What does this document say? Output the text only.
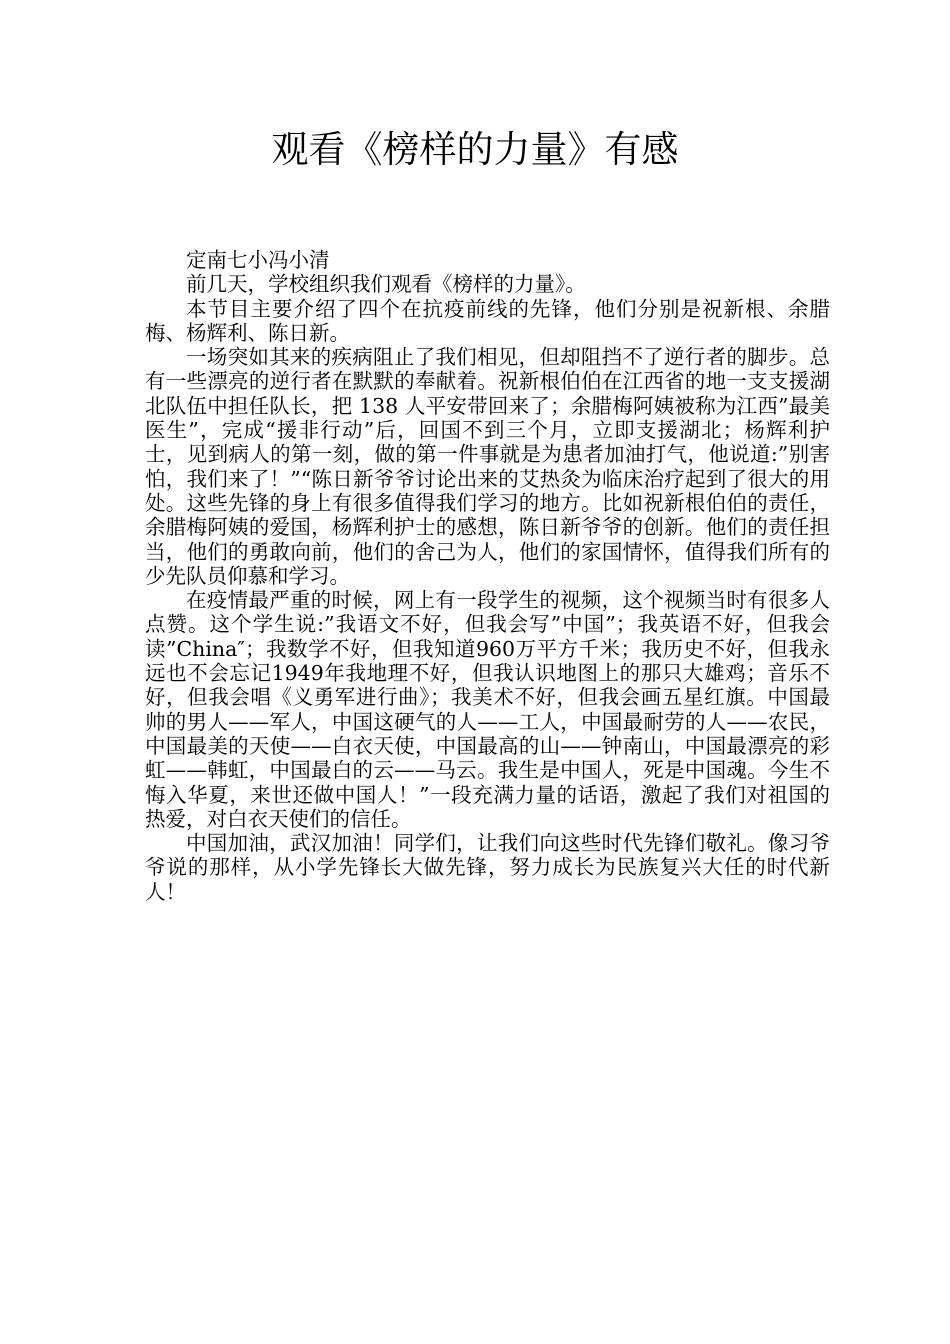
观看《榜样的力量》有感

定南七小冯小清

前几天，学校组织我们观看《榜样的力量》。

本节目主要介绍了四个在抗疫前线的先锋，他们分别是祝新根、余腊梅、杨辉利、陈日新。

一场突如其来的疾病阻止了我们相见，但却阻挡不了逆行者的脚步。总有一些漂亮的逆行者在默默的奉献着。祝新根伯伯在江西省的地一支支援湖北队伍中担任队长，把 138 人平安带回来了；余腊梅阿姨被称为江西”最美医生”，完成“援非行动”后，回国不到三个月，立即支援湖北；杨辉利护士，见到病人的第一刻，做的第一件事就是为患者加油打气，他说道:”别害怕，我们来了！”“陈日新爷爷讨论出来的艾热灸为临床治疗起到了很大的用处。这些先锋的身上有很多值得我们学习的地方。比如祝新根伯伯的责任，余腊梅阿姨的爱国，杨辉利护士的感想，陈日新爷爷的创新。他们的责任担当，他们的勇敢向前，他们的舍己为人，他们的家国情怀，值得我们所有的少先队员仰慕和学习。

在疫情最严重的时候，网上有一段学生的视频，这个视频当时有很多人点赞。这个学生说:”我语文不好，但我会写”中国”；我英语不好，但我会读”China″；我数学不好，但我知道960万平方千米；我历史不好，但我永远也不会忘记1949年我地理不好，但我认识地图上的那只大雄鸡；音乐不好，但我会唱《义勇军进行曲》；我美术不好，但我会画五星红旗。中国最帅的男人——军人，中国这硬气的人——工人，中国最耐劳的人——农民，中国最美的天使——白衣天使，中国最高的山——钟南山，中国最漂亮的彩虹——韩虹，中国最白的云——马云。我生是中国人，死是中国魂。今生不悔入华夏，来世还做中国人！”一段充满力量的话语，激起了我们对祖国的热爱，对白衣天使们的信任。

中国加油，武汉加油！同学们，让我们向这些时代先锋们敬礼。像习爷爷说的那样，从小学先锋长大做先锋，努力成长为民族复兴大任的时代新人！
